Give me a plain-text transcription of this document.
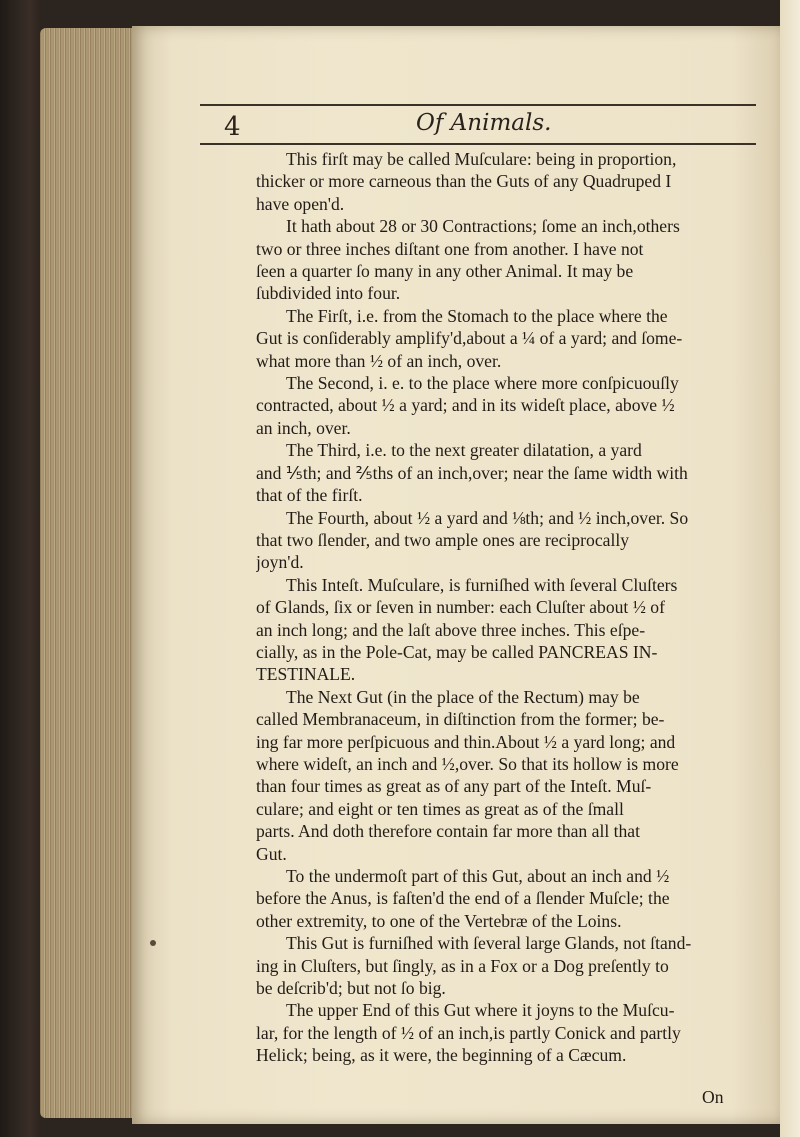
4	Of Animals.
This firſt may be called Muſculare: being in proportion,
thicker or more carneous than the Guts of any Quadruped I
have open'd.
It hath about 28 or 30 Contractions; ſome an inch,others
two or three inches diſtant one from another. I have not
ſeen a quarter ſo many in any other Animal. It may be
ſubdivided into four.
The Firſt, i.e. from the Stomach to the place where the
Gut is conſiderably amplify'd,about a ¼ of a yard; and ſome-
what more than ½ of an inch, over.
The Second, i. e. to the place where more conſpicuouſly
contracted, about ½ a yard; and in its wideſt place, above ½
an inch, over.
The Third, i.e. to the next greater dilatation, a yard
and ⅕th; and ⅖ths of an inch,over; near the ſame width with
that of the firſt.
The Fourth, about ½ a yard and ⅛th; and ½ inch,over. So
that two ſlender, and two ample ones are reciprocally
joyn'd.
This Inteſt. Muſculare, is furniſhed with ſeveral Cluſters
of Glands, ſix or ſeven in number: each Cluſter about ½ of
an inch long; and the laſt above three inches. This eſpe-
cially, as in the Pole-Cat, may be called PANCREAS IN-
TESTINALE.
The Next Gut (in the place of the Rectum) may be
called Membranaceum, in diſtinction from the former; be-
ing far more perſpicuous and thin.About ½ a yard long; and
where wideſt, an inch and ½,over. So that its hollow is more
than four times as great as of any part of the Inteſt. Muſ-
culare; and eight or ten times as great as of the ſmall
parts. And doth therefore contain far more than all that
Gut.
To the undermoſt part of this Gut, about an inch and ½
before the Anus, is faſten'd the end of a ſlender Muſcle; the
other extremity, to one of the Vertebræ of the Loins.
This Gut is furniſhed with ſeveral large Glands, not ſtand-
ing in Cluſters, but ſingly, as in a Fox or a Dog preſently to
be deſcrib'd; but not ſo big.
The upper End of this Gut where it joyns to the Muſcu-
lar, for the length of ½ of an inch,is partly Conick and partly
Helick; being, as it were, the beginning of a Cæcum.
On
